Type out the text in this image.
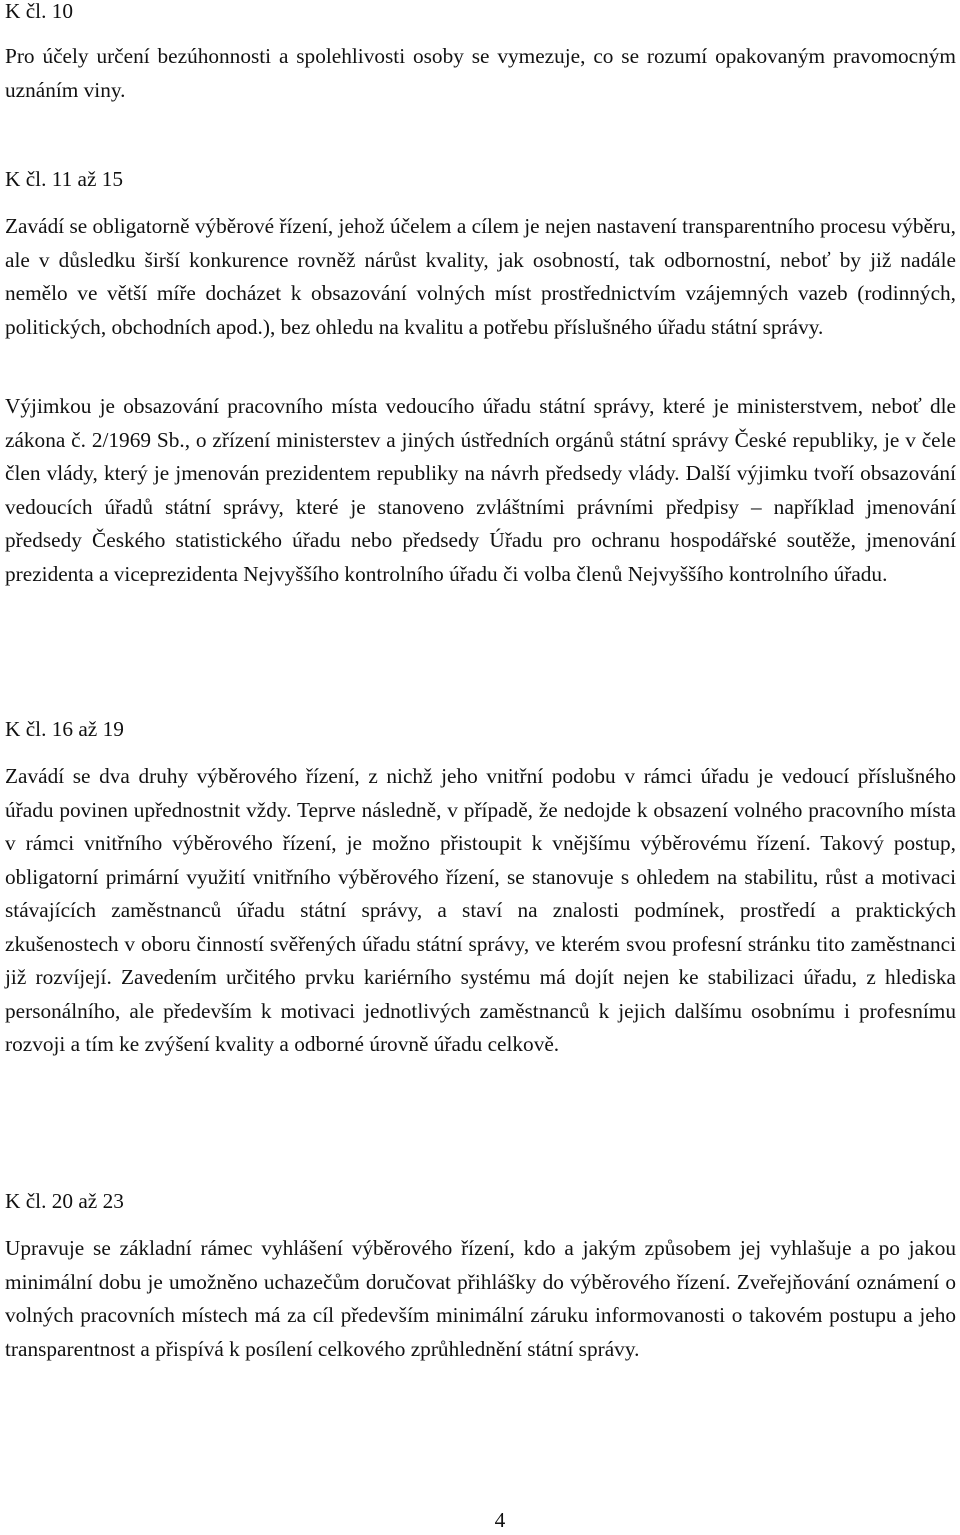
K čl. 10

Pro účely určení bezúhonnosti a spolehlivosti osoby se vymezuje, co se rozumí opakovaným pravomocným uznáním viny.

K čl. 11 až 15

Zavádí se obligatorně výběrové řízení, jehož účelem a cílem je nejen nastavení transparentního procesu výběru, ale v důsledku širší konkurence rovněž nárůst kvality, jak osobností, tak odbornostní, neboť by již nadále nemělo ve větší míře docházet k obsazování volných míst prostřednictvím vzájemných vazeb (rodinných, politických, obchodních apod.), bez ohledu na kvalitu a potřebu příslušného úřadu státní správy.

Výjimkou je obsazování pracovního místa vedoucího úřadu státní správy, které je ministerstvem, neboť dle zákona č. 2/1969 Sb., o zřízení ministerstev a jiných ústředních orgánů státní správy České republiky, je v čele člen vlády, který je jmenován prezidentem republiky na návrh předsedy vlády. Další výjimku tvoří obsazování vedoucích úřadů státní správy, které je stanoveno zvláštními právními předpisy – například jmenování předsedy Českého statistického úřadu nebo předsedy Úřadu pro ochranu hospodářské soutěže, jmenování prezidenta a viceprezidenta Nejvyššího kontrolního úřadu či volba členů Nejvyššího kontrolního úřadu.

K čl. 16 až 19

Zavádí se dva druhy výběrového řízení, z nichž jeho vnitřní podobu v rámci úřadu je vedoucí příslušného úřadu povinen upřednostnit vždy. Teprve následně, v případě, že nedojde k obsazení volného pracovního místa v rámci vnitřního výběrového řízení, je možno přistoupit k vnějšímu výběrovému řízení. Takový postup, obligatorní primární využití vnitřního výběrového řízení, se stanovuje s ohledem na stabilitu, růst a motivaci stávajících zaměstnanců úřadu státní správy, a staví na znalosti podmínek, prostředí a praktických zkušenostech v oboru činností svěřených úřadu státní správy, ve kterém svou profesní stránku tito zaměstnanci již rozvíjejí. Zavedením určitého prvku kariérního systému má dojít nejen ke stabilizaci úřadu, z hlediska personálního, ale především k motivaci jednotlivých zaměstnanců k jejich dalšímu osobnímu i profesnímu rozvoji a tím ke zvýšení kvality a odborné úrovně úřadu celkově.

K čl. 20 až 23

Upravuje se základní rámec vyhlášení výběrového řízení, kdo a jakým způsobem jej vyhlašuje a po jakou minimální dobu je umožněno uchazečům doručovat přihlášky do výběrového řízení. Zveřejňování oznámení o volných pracovních místech má za cíl především minimální záruku informovanosti o takovém postupu a jeho transparentnost a přispívá k posílení celkového zprůhlednění státní správy.

4
